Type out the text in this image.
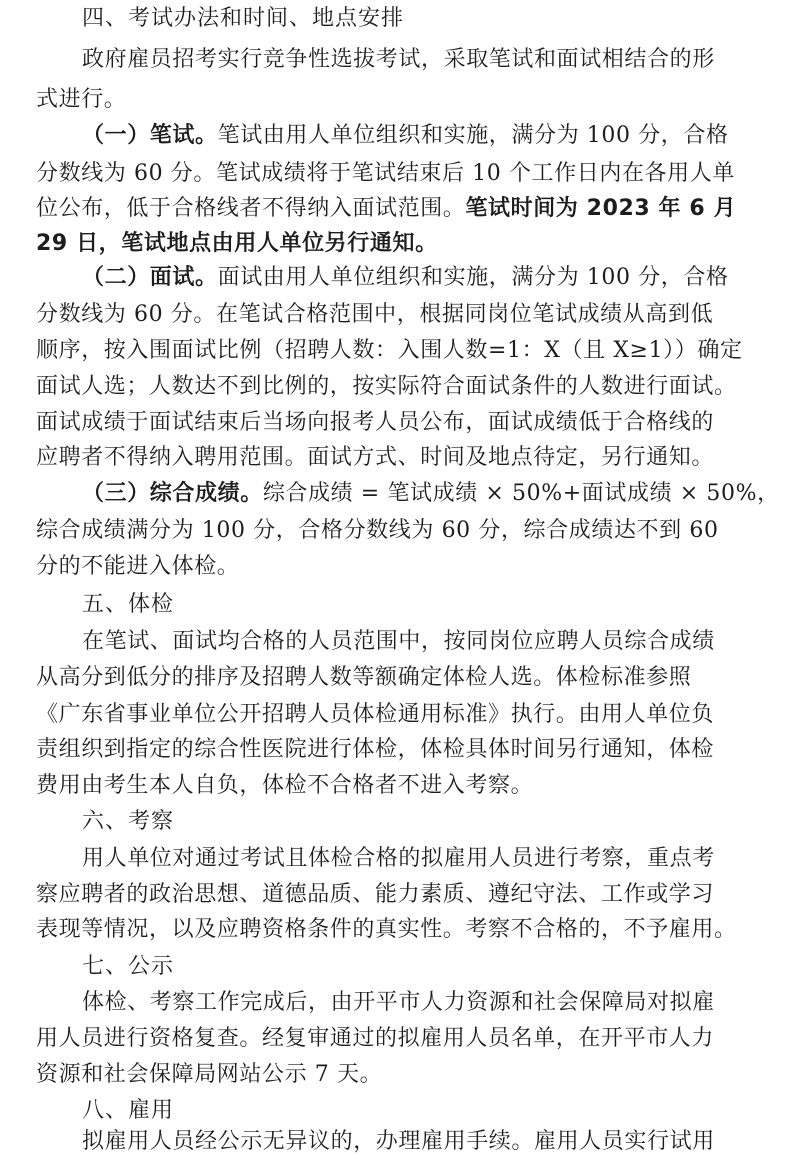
四、考试办法和时间、地点安排
政府雇员招考实行竞争性选拔考试，采取笔试和面试相结合的形
式进行。
（一）笔试。笔试由用人单位组织和实施，满分为 100 分，合格
分数线为 60 分。笔试成绩将于笔试结束后 10 个工作日内在各用人单
位公布，低于合格线者不得纳入面试范围。笔试时间为 2023 年 6 月
29 日，笔试地点由用人单位另行通知。
（二）面试。面试由用人单位组织和实施，满分为 100 分，合格
分数线为 60 分。在笔试合格范围中，根据同岗位笔试成绩从高到低
顺序，按入围面试比例（招聘人数：入围人数=1：X（且 X≥1））确定
面试人选；人数达不到比例的，按实际符合面试条件的人数进行面试。
面试成绩于面试结束后当场向报考人员公布，面试成绩低于合格线的
应聘者不得纳入聘用范围。面试方式、时间及地点待定，另行通知。
（三）综合成绩。综合成绩 = 笔试成绩 × 50%+面试成绩 × 50%，
综合成绩满分为 100 分，合格分数线为 60 分，综合成绩达不到 60
分的不能进入体检。
五、体检
在笔试、面试均合格的人员范围中，按同岗位应聘人员综合成绩
从高分到低分的排序及招聘人数等额确定体检人选。体检标准参照
《广东省事业单位公开招聘人员体检通用标准》执行。由用人单位负
责组织到指定的综合性医院进行体检，体检具体时间另行通知，体检
费用由考生本人自负，体检不合格者不进入考察。
六、考察
用人单位对通过考试且体检合格的拟雇用人员进行考察，重点考
察应聘者的政治思想、道德品质、能力素质、遵纪守法、工作或学习
表现等情况，以及应聘资格条件的真实性。考察不合格的，不予雇用。
七、公示
体检、考察工作完成后，由开平市人力资源和社会保障局对拟雇
用人员进行资格复查。经复审通过的拟雇用人员名单，在开平市人力
资源和社会保障局网站公示 7 天。
八、雇用
拟雇用人员经公示无异议的，办理雇用手续。雇用人员实行试用
